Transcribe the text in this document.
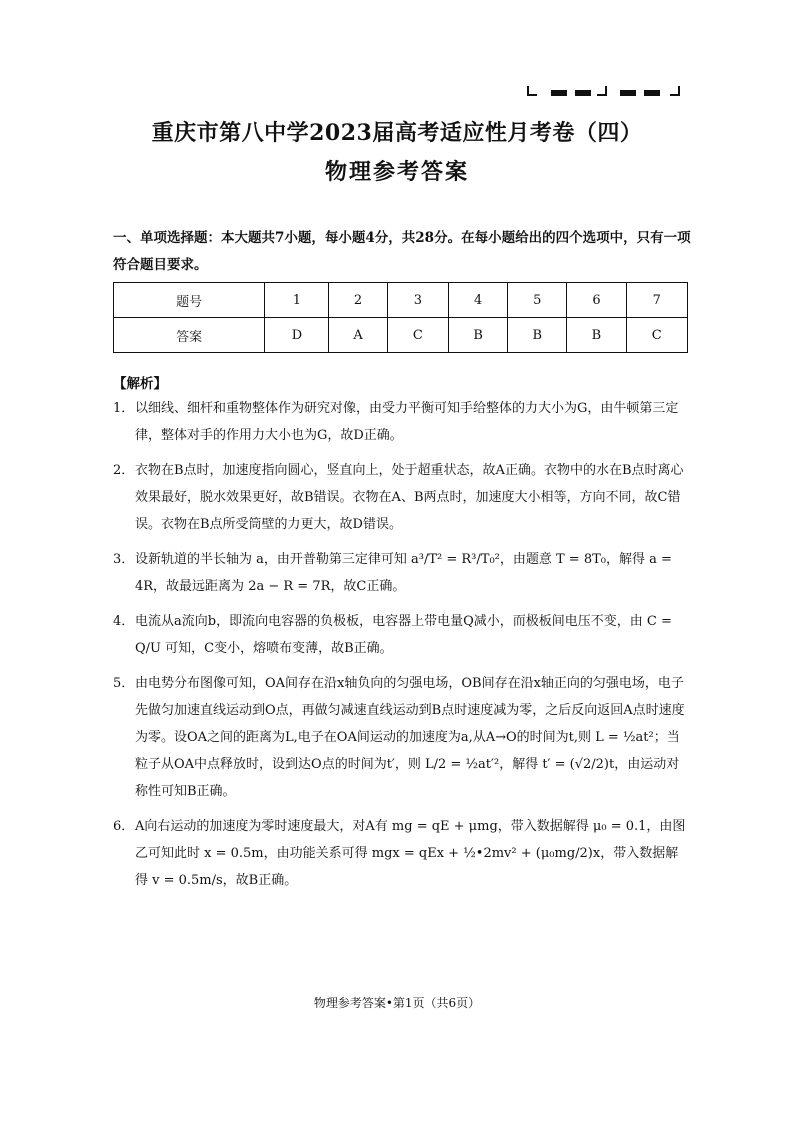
重庆市第八中学2023届高考适应性月考卷（四）
物理参考答案
一、单项选择题：本大题共7小题，每小题4分，共28分。在每小题给出的四个选项中，只有一项符合题目要求。
题号	1	2	3	4	5	6	7
答案	D	A	C	B	B	B	C
【解析】
1． 以细线、细杆和重物整体作为研究对像，由受力平衡可知手给整体的力大小为G，由牛顿第三定律，整体对手的作用力大小也为G，故D正确。
2． 衣物在B点时，加速度指向圆心，竖直向上，处于超重状态，故A正确。衣物中的水在B点时离心效果最好，脱水效果更好，故B错误。衣物在A、B两点时，加速度大小相等，方向不同，故C错误。衣物在B点所受筒壁的力更大，故D错误。
3． 设新轨道的半长轴为 a，由开普勒第三定律可知 a³/T² = R³/T₀²，由题意 T = 8T₀，解得 a = 4R，故最远距离为 2a − R = 7R，故C正确。
4． 电流从a流向b，即流向电容器的负极板，电容器上带电量Q减小，而极板间电压不变，由 C = Q/U 可知，C变小，熔喷布变薄，故B正确。
5． 由电势分布图像可知，OA间存在沿x轴负向的匀强电场，OB间存在沿x轴正向的匀强电场，电子先做匀加速直线运动到O点，再做匀减速直线运动到B点时速度减为零，之后反向返回A点时速度为零。设OA之间的距离为L,电子在OA间运动的加速度为a,从A→O的时间为t,则 L = ½at²；当粒子从OA中点释放时，设到达O点的时间为t′，则 L/2 = ½at′²，解得 t′ = (√2/2)t，由运动对称性可知B正确。
6． A向右运动的加速度为零时速度最大，对A有 mg = qE + μmg，带入数据解得 μ₀ = 0.1，由图乙可知此时 x = 0.5m，由功能关系可得 mgx = qEx + ½•2mv² + (μ₀mg/2)x，带入数据解得 v = 0.5m/s，故B正确。
物理参考答案•第1页（共6页）
